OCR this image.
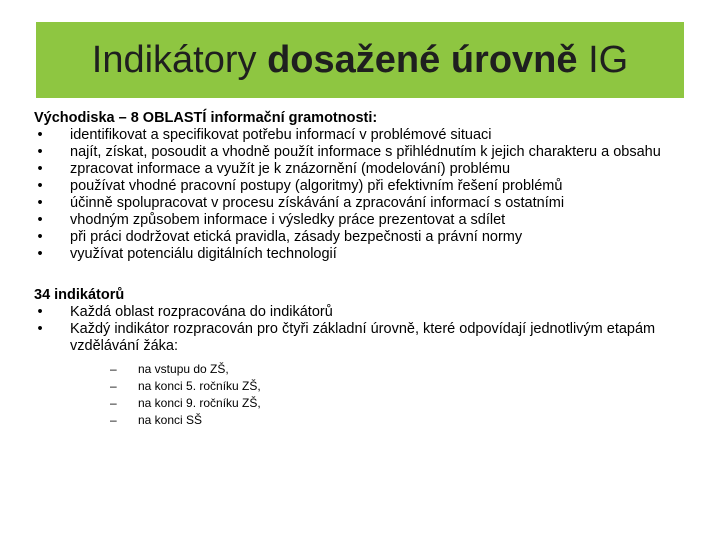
Indikátory dosažené úrovně IG

Východiska – 8 OBLASTÍ informační gramotnosti:

• identifikovat a specifikovat potřebu informací v problémové situaci
• najít, získat, posoudit a vhodně použít informace s přihlédnutím k jejich charakteru a obsahu
• zpracovat informace a využít je k znázornění (modelování) problému
• používat vhodné pracovní postupy (algoritmy) při efektivním řešení problémů
• účinně spolupracovat v procesu získávání a zpracování informací s ostatními
• vhodným způsobem informace i výsledky práce prezentovat a sdílet
• při práci dodržovat etická pravidla, zásady bezpečnosti a právní normy
• využívat potenciálu digitálních technologií

34 indikátorů

• Každá oblast rozpracována do indikátorů
• Každý indikátor rozpracován pro čtyři základní úrovně, které odpovídají jednotlivým etapám vzdělávání žáka:
– na vstupu do ZŠ,
– na konci 5. ročníku ZŠ,
– na konci 9. ročníku ZŠ,
– na konci SŠ
